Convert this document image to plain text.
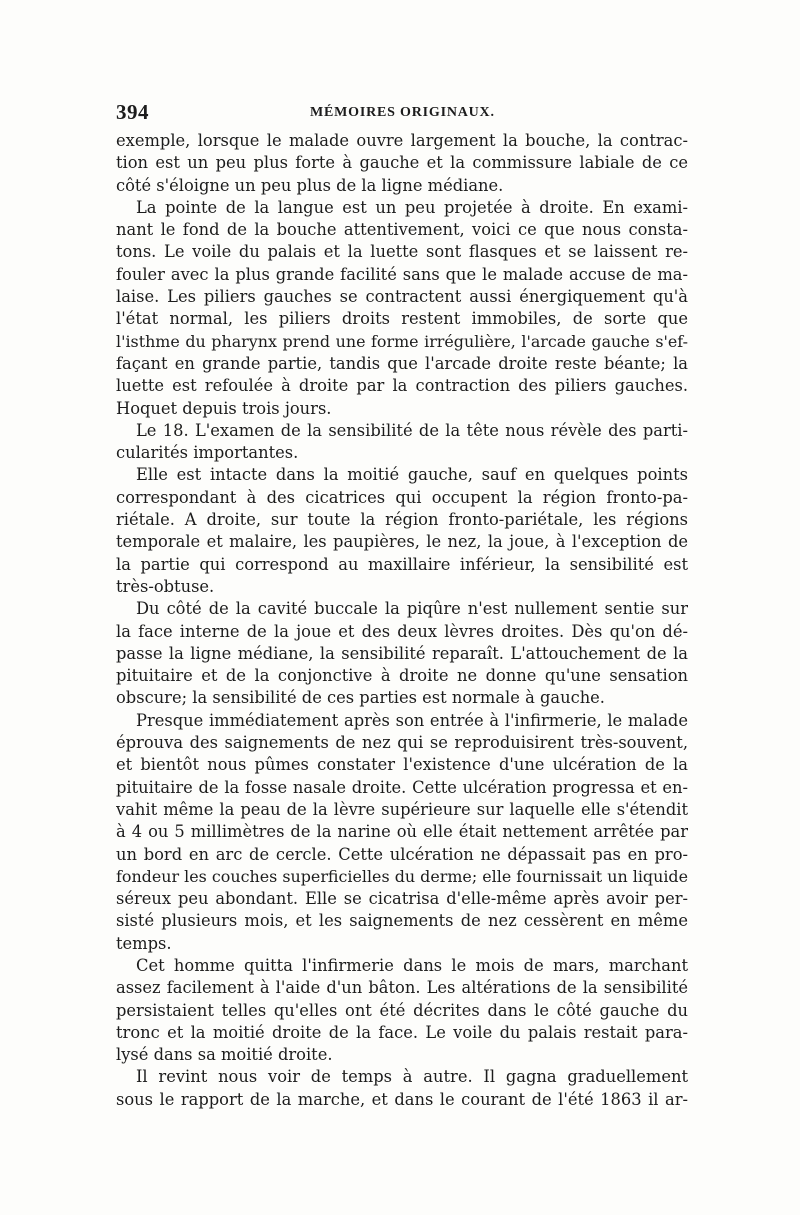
394	MÉMOIRES ORIGINAUX.
exemple, lorsque le malade ouvre largement la bouche, la contrac-
tion est un peu plus forte à gauche et la commissure labiale de ce
côté s'éloigne un peu plus de la ligne médiane.
La pointe de la langue est un peu projetée à droite. En exami-
nant le fond de la bouche attentivement, voici ce que nous consta-
tons. Le voile du palais et la luette sont flasques et se laissent re-
fouler avec la plus grande facilité sans que le malade accuse de ma-
laise. Les piliers gauches se contractent aussi énergiquement qu'à
l'état normal, les piliers droits restent immobiles, de sorte que
l'isthme du pharynx prend une forme irrégulière, l'arcade gauche s'ef-
façant en grande partie, tandis que l'arcade droite reste béante; la
luette est refoulée à droite par la contraction des piliers gauches.
Hoquet depuis trois jours.
Le 18. L'examen de la sensibilité de la tête nous révèle des parti-
cularités importantes.
Elle est intacte dans la moitié gauche, sauf en quelques points
correspondant à des cicatrices qui occupent la région fronto-pa-
riétale. A droite, sur toute la région fronto-pariétale, les régions
temporale et malaire, les paupières, le nez, la joue, à l'exception de
la partie qui correspond au maxillaire inférieur, la sensibilité est
très-obtuse.
Du côté de la cavité buccale la piqûre n'est nullement sentie sur
la face interne de la joue et des deux lèvres droites. Dès qu'on dé-
passe la ligne médiane, la sensibilité reparaît. L'attouchement de la
pituitaire et de la conjonctive à droite ne donne qu'une sensation
obscure; la sensibilité de ces parties est normale à gauche.
Presque immédiatement après son entrée à l'infirmerie, le malade
éprouva des saignements de nez qui se reproduisirent très-souvent,
et bientôt nous pûmes constater l'existence d'une ulcération de la
pituitaire de la fosse nasale droite. Cette ulcération progressa et en-
vahit même la peau de la lèvre supérieure sur laquelle elle s'étendit
à 4 ou 5 millimètres de la narine où elle était nettement arrêtée par
un bord en arc de cercle. Cette ulcération ne dépassait pas en pro-
fondeur les couches superficielles du derme; elle fournissait un liquide
séreux peu abondant. Elle se cicatrisa d'elle-même après avoir per-
sisté plusieurs mois, et les saignements de nez cessèrent en même
temps.
Cet homme quitta l'infirmerie dans le mois de mars, marchant
assez facilement à l'aide d'un bâton. Les altérations de la sensibilité
persistaient telles qu'elles ont été décrites dans le côté gauche du
tronc et la moitié droite de la face. Le voile du palais restait para-
lysé dans sa moitié droite.
Il revint nous voir de temps à autre. Il gagna graduellement
sous le rapport de la marche, et dans le courant de l'été 1863 il ar-
